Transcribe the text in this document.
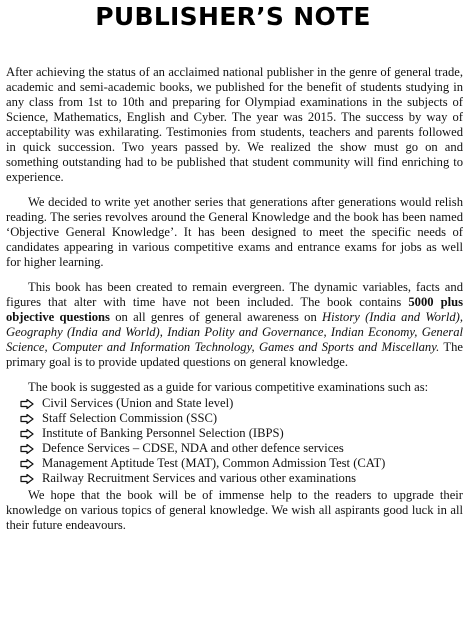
PUBLISHER’S NOTE

After achieving the status of an acclaimed national publisher in the genre of general trade, academic and semi-academic books, we published for the benefit of students studying in any class from 1st to 10th and preparing for Olympiad examinations in the subjects of Science, Mathematics, English and Cyber. The year was 2015. The success by way of acceptability was exhilarating. Testimonies from students, teachers and parents followed in quick succession. Two years passed by. We realized the show must go on and something outstanding had to be published that student community will find enriching to experience.

We decided to write yet another series that generations after generations would relish reading. The series revolves around the General Knowledge and the book has been named ‘Objective General Knowledge’. It has been designed to meet the specific needs of candidates appearing in various competitive exams and entrance exams for jobs as well for higher learning.

This book has been created to remain evergreen. The dynamic variables, facts and figures that alter with time have not been included. The book contains 5000 plus objective questions on all genres of general awareness on History (India and World), Geography (India and World), Indian Polity and Governance, Indian Economy, General Science, Computer and Information Technology, Games and Sports and Miscellany. The primary goal is to provide updated questions on general knowledge.

The book is suggested as a guide for various competitive examinations such as:

Civil Services (Union and State level)
Staff Selection Commission (SSC)
Institute of Banking Personnel Selection (IBPS)
Defence Services – CDSE, NDA and other defence services
Management Aptitude Test (MAT), Common Admission Test (CAT)
Railway Recruitment Services and various other examinations

We hope that the book will be of immense help to the readers to upgrade their knowledge on various topics of general knowledge. We wish all aspirants good luck in all their future endeavours.
